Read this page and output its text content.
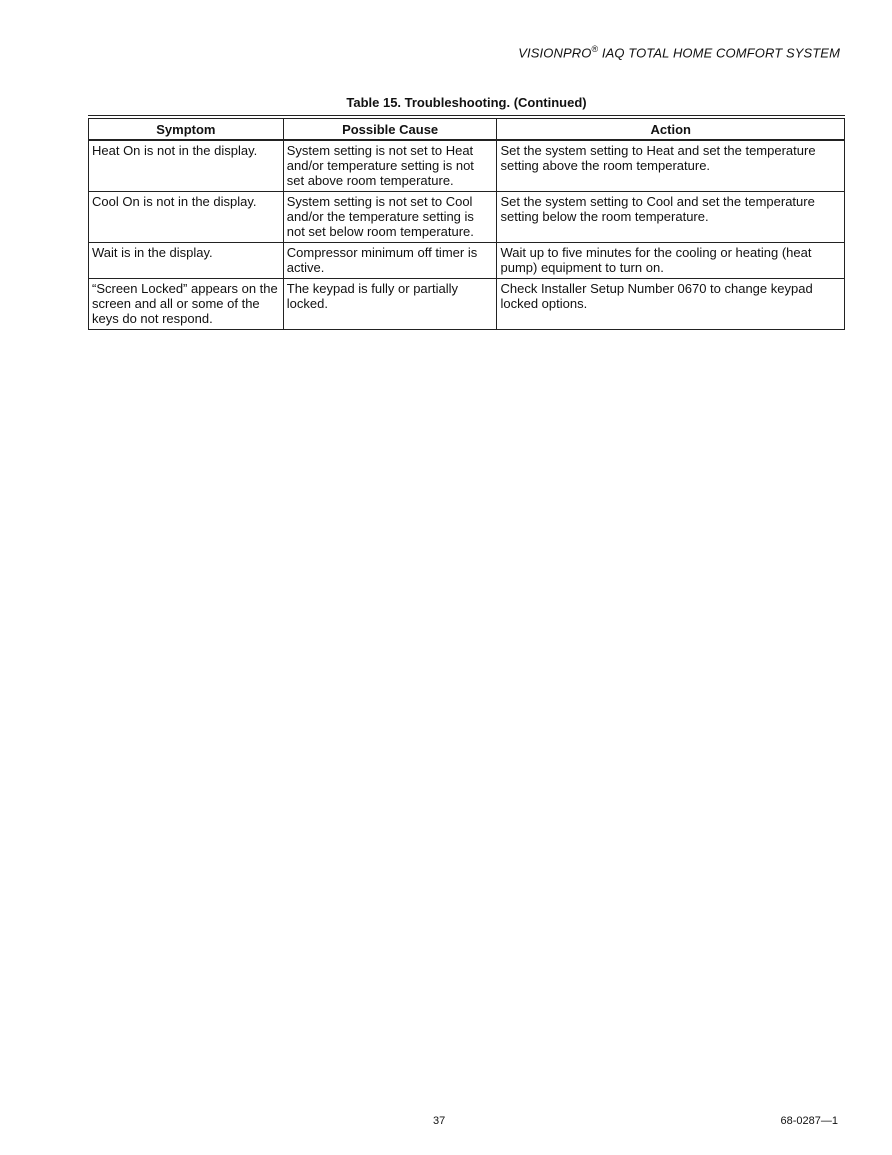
VISIONPRO® IAQ TOTAL HOME COMFORT SYSTEM
Table 15. Troubleshooting. (Continued)
Symptom	Possible Cause	Action
Heat On is not in the display.	System setting is not set to Heat and/or temperature setting is not set above room temperature.	Set the system setting to Heat and set the temperature setting above the room temperature.
Cool On is not in the display.	System setting is not set to Cool and/or the temperature setting is not set below room temperature.	Set the system setting to Cool and set the temperature setting below the room temperature.
Wait is in the display.	Compressor minimum off timer is active.	Wait up to five minutes for the cooling or heating (heat pump) equipment to turn on.
“Screen Locked” appears on the screen and all or some of the keys do not respond.	The keypad is fully or partially locked.	Check Installer Setup Number 0670 to change keypad locked options.
37	68-0287—1
